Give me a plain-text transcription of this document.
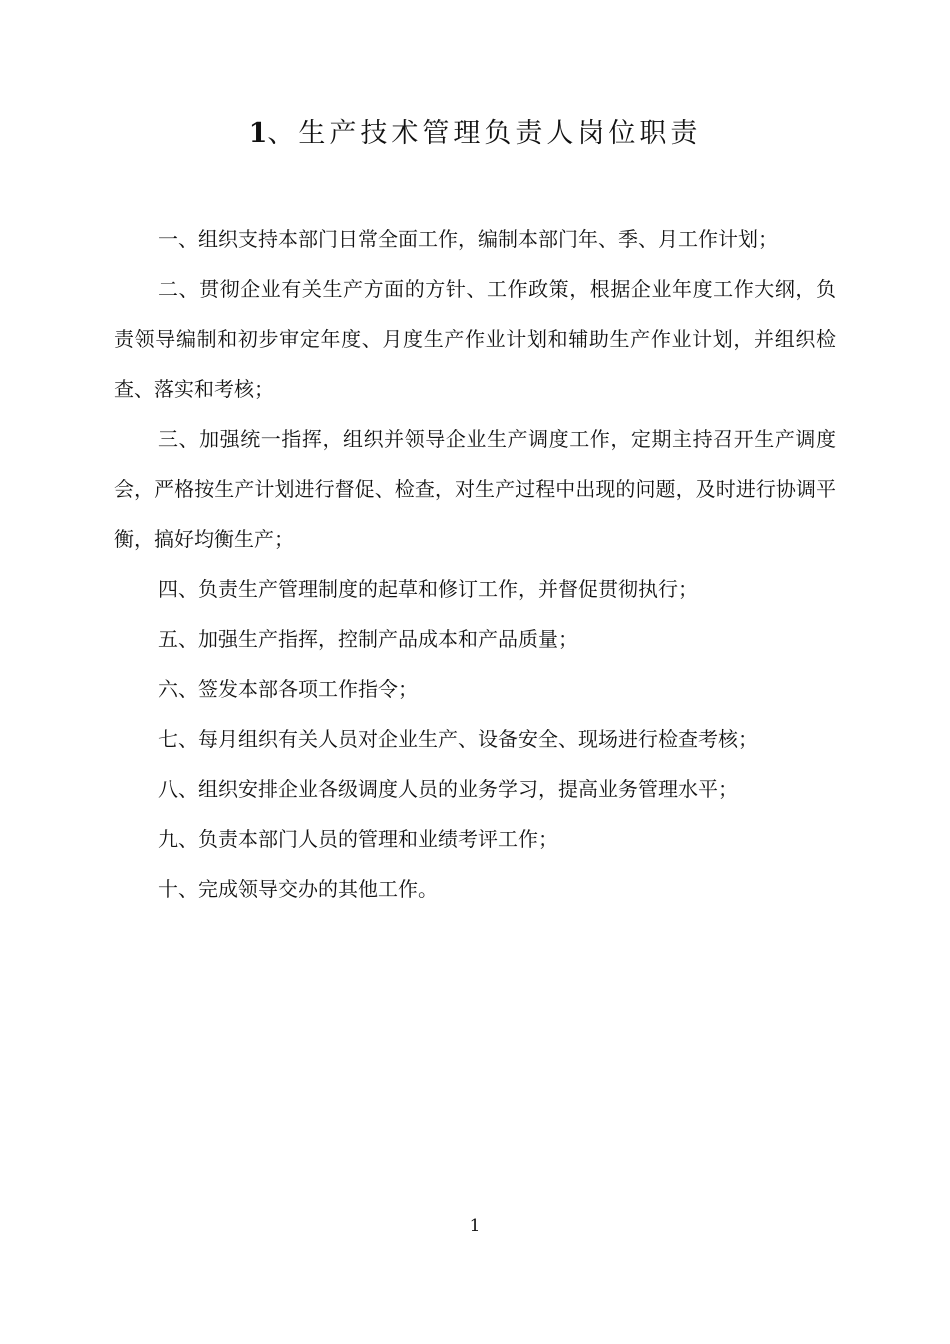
1、生产技术管理负责人岗位职责
一、组织支持本部门日常全面工作，编制本部门年、季、月工作计划；
二、贯彻企业有关生产方面的方针、工作政策，根据企业年度工作大纲，负责领导编制和初步审定年度、月度生产作业计划和辅助生产作业计划，并组织检查、落实和考核；
三、加强统一指挥，组织并领导企业生产调度工作，定期主持召开生产调度会，严格按生产计划进行督促、检查，对生产过程中出现的问题，及时进行协调平衡，搞好均衡生产；
四、负责生产管理制度的起草和修订工作，并督促贯彻执行；
五、加强生产指挥，控制产品成本和产品质量；
六、签发本部各项工作指令；
七、每月组织有关人员对企业生产、设备安全、现场进行检查考核；
八、组织安排企业各级调度人员的业务学习，提高业务管理水平；
九、负责本部门人员的管理和业绩考评工作；
十、完成领导交办的其他工作。
1
